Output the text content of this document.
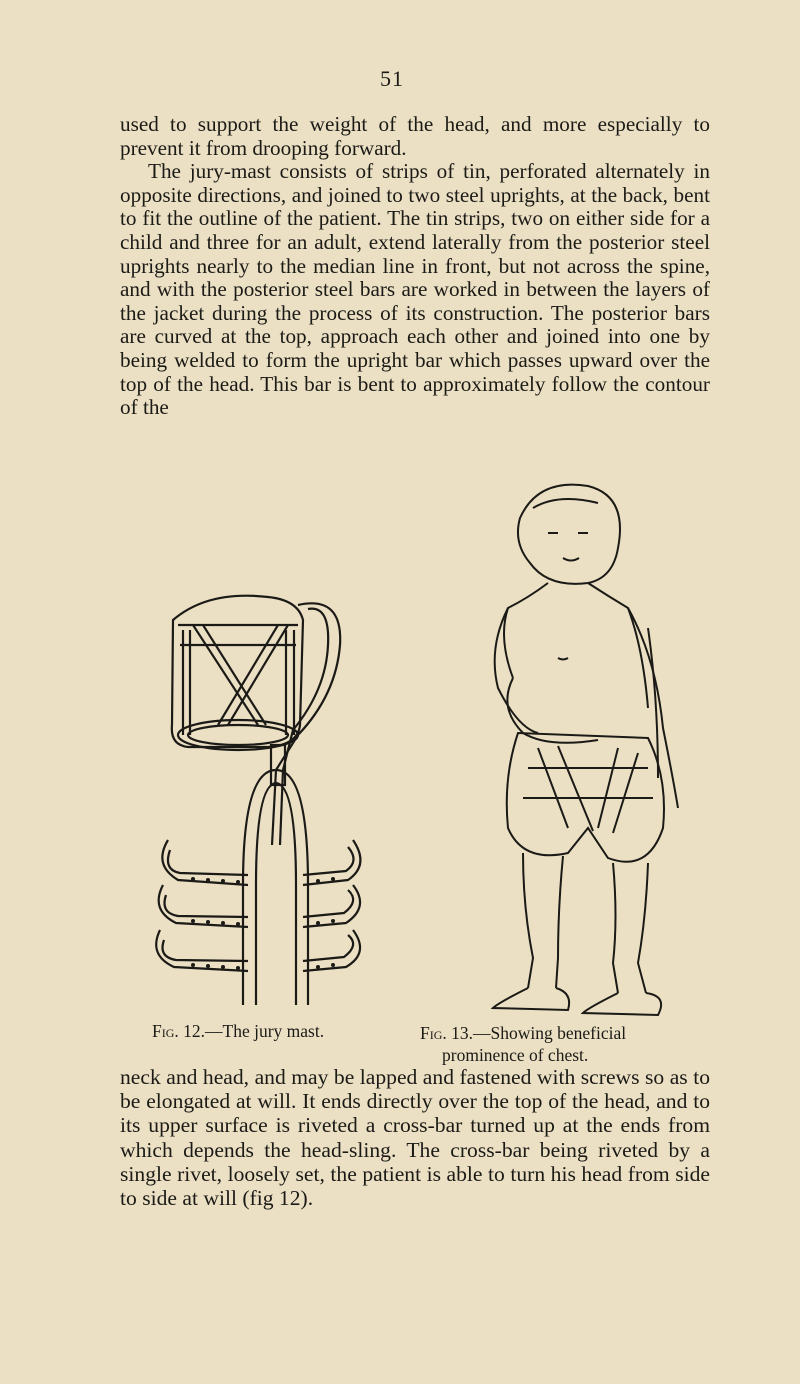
51
used to support the weight of the head, and more especially to prevent it from drooping forward.
The jury-mast consists of strips of tin, perforated alternately in opposite directions, and joined to two steel uprights, at the back, bent to fit the outline of the patient. The tin strips, two on either side for a child and three for an adult, extend laterally from the posterior steel uprights nearly to the median line in front, but not across the spine, and with the posterior steel bars are worked in between the layers of the jacket during the process of its construction. The posterior bars are curved at the top, approach each other and joined into one by being welded to form the upright bar which passes upward over the top of the head. This bar is bent to approximately follow the contour of the
Fig. 12.—The jury mast.	Fig. 13.—Showing beneficial
prominence of chest.
neck and head, and may be lapped and fastened with screws so as to be elongated at will. It ends directly over the top of the head, and to its upper surface is riveted a cross-bar turned up at the ends from which depends the head-sling. The cross-bar being riveted by a single rivet, loosely set, the patient is able to turn his head from side to side at will (fig 12).
